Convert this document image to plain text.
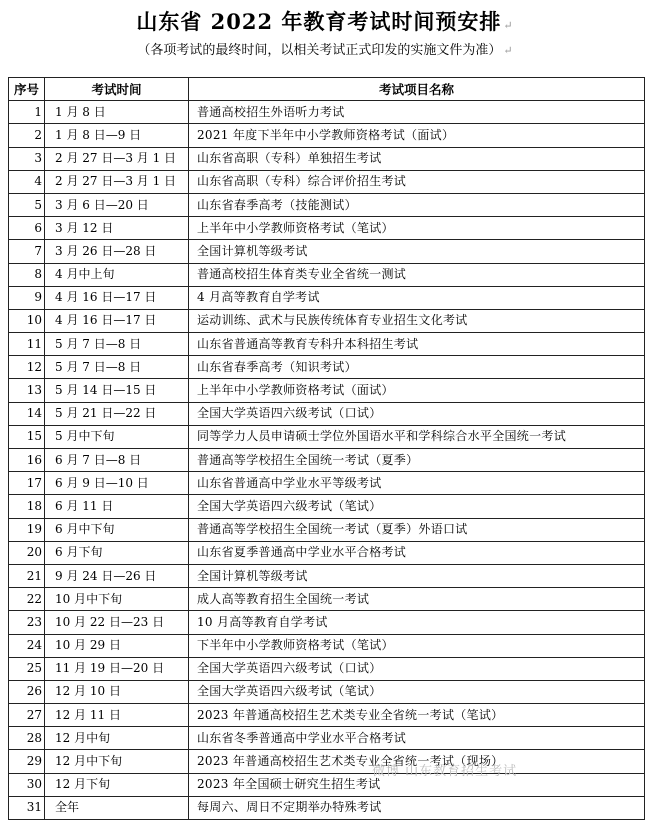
山东省 2022 年教育考试时间预安排 ↵
（各项考试的最终时间，以相关考试正式印发的实施文件为准） ↵
序号	考试时间	考试项目名称
1	1 月 8 日	普通高校招生外语听力考试
2	1 月 8 日—9 日	2021 年度下半年中小学教师资格考试（面试）
3	2 月 27 日—3 月 1 日	山东省高职（专科）单独招生考试
4	2 月 27 日—3 月 1 日	山东省高职（专科）综合评价招生考试
5	3 月 6 日—20 日	山东省春季高考（技能测试）
6	3 月 12 日	上半年中小学教师资格考试（笔试）
7	3 月 26 日—28 日	全国计算机等级考试
8	4 月中上旬	普通高校招生体育类专业全省统一测试
9	4 月 16 日—17 日	4 月高等教育自学考试
10	4 月 16 日—17 日	运动训练、武术与民族传统体育专业招生文化考试
11	5 月 7 日—8 日	山东省普通高等教育专科升本科招生考试
12	5 月 7 日—8 日	山东省春季高考（知识考试）
13	5 月 14 日—15 日	上半年中小学教师资格考试（面试）
14	5 月 21 日—22 日	全国大学英语四六级考试（口试）
15	5 月中下旬	同等学力人员申请硕士学位外国语水平和学科综合水平全国统一考试
16	6 月 7 日—8 日	普通高等学校招生全国统一考试（夏季）
17	6 月 9 日—10 日	山东省普通高中学业水平等级考试
18	6 月 11 日	全国大学英语四六级考试（笔试）
19	6 月中下旬	普通高等学校招生全国统一考试（夏季）外语口试
20	6 月下旬	山东省夏季普通高中学业水平合格考试
21	9 月 24 日—26 日	全国计算机等级考试
22	10 月中下旬	成人高等教育招生全国统一考试
23	10 月 22 日—23 日	10 月高等教育自学考试
24	10 月 29 日	下半年中小学教师资格考试（笔试）
25	11 月 19 日—20 日	全国大学英语四六级考试（口试）
26	12 月 10 日	全国大学英语四六级考试（笔试）
27	12 月 11 日	2023 年普通高校招生艺术类专业全省统一考试（笔试）
28	12 月中旬	山东省冬季普通高中学业水平合格考试
29	12 月中下旬	2023 年普通高校招生艺术类专业全省统一考试（现场）
30	12 月下旬	2023 年全国硕士研究生招生考试
31	全年	每周六、周日不定期举办特殊考试
微博 山东教育招生考试
